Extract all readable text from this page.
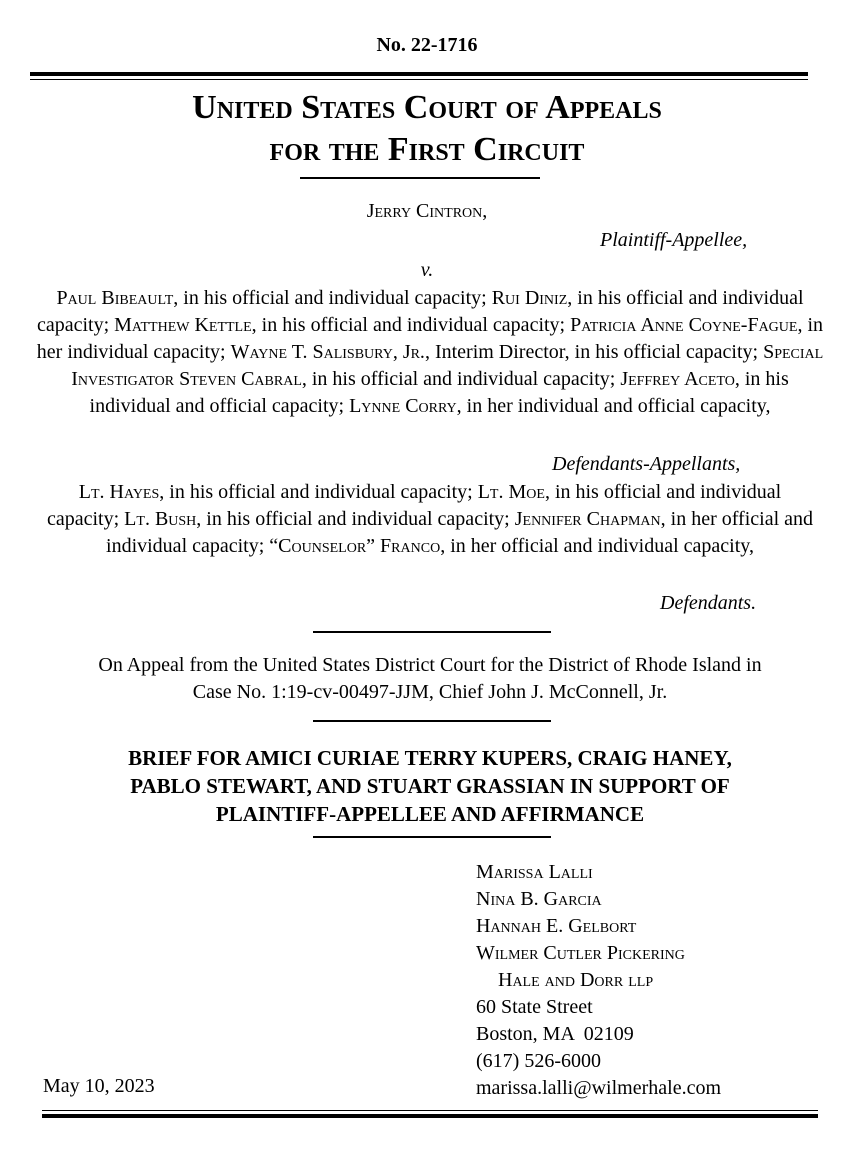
No. 22-1716
United States Court of Appeals
for the First Circuit
Jerry Cintron,
Plaintiff-Appellee,
v.
Paul Bibeault, in his official and individual capacity; Rui Diniz, in his official and individual capacity; Matthew Kettle, in his official and individual capacity; Patricia Anne Coyne-Fague, in her individual capacity; Wayne T. Salisbury, Jr., Interim Director, in his official capacity; Special Investigator Steven Cabral, in his official and individual capacity; Jeffrey Aceto, in his individual and official capacity; Lynne Corry, in her individual and official capacity,
Defendants-Appellants,
Lt. Hayes, in his official and individual capacity; Lt. Moe, in his official and individual capacity; Lt. Bush, in his official and individual capacity; Jennifer Chapman, in her official and individual capacity; “Counselor” Franco, in her official and individual capacity,
Defendants.
On Appeal from the United States District Court for the District of Rhode Island in
Case No. 1:19-cv-00497-JJM, Chief John J. McConnell, Jr.
BRIEF FOR AMICI CURIAE TERRY KUPERS, CRAIG HANEY,
PABLO STEWART, AND STUART GRASSIAN IN SUPPORT OF
PLAINTIFF-APPELLEE AND AFFIRMANCE
Marissa Lalli
Nina B. Garcia
Hannah E. Gelbort
Wilmer Cutler Pickering
Hale and Dorr llp
60 State Street
Boston, MA  02109
(617) 526-6000
marissa.lalli@wilmerhale.com
May 10, 2023
